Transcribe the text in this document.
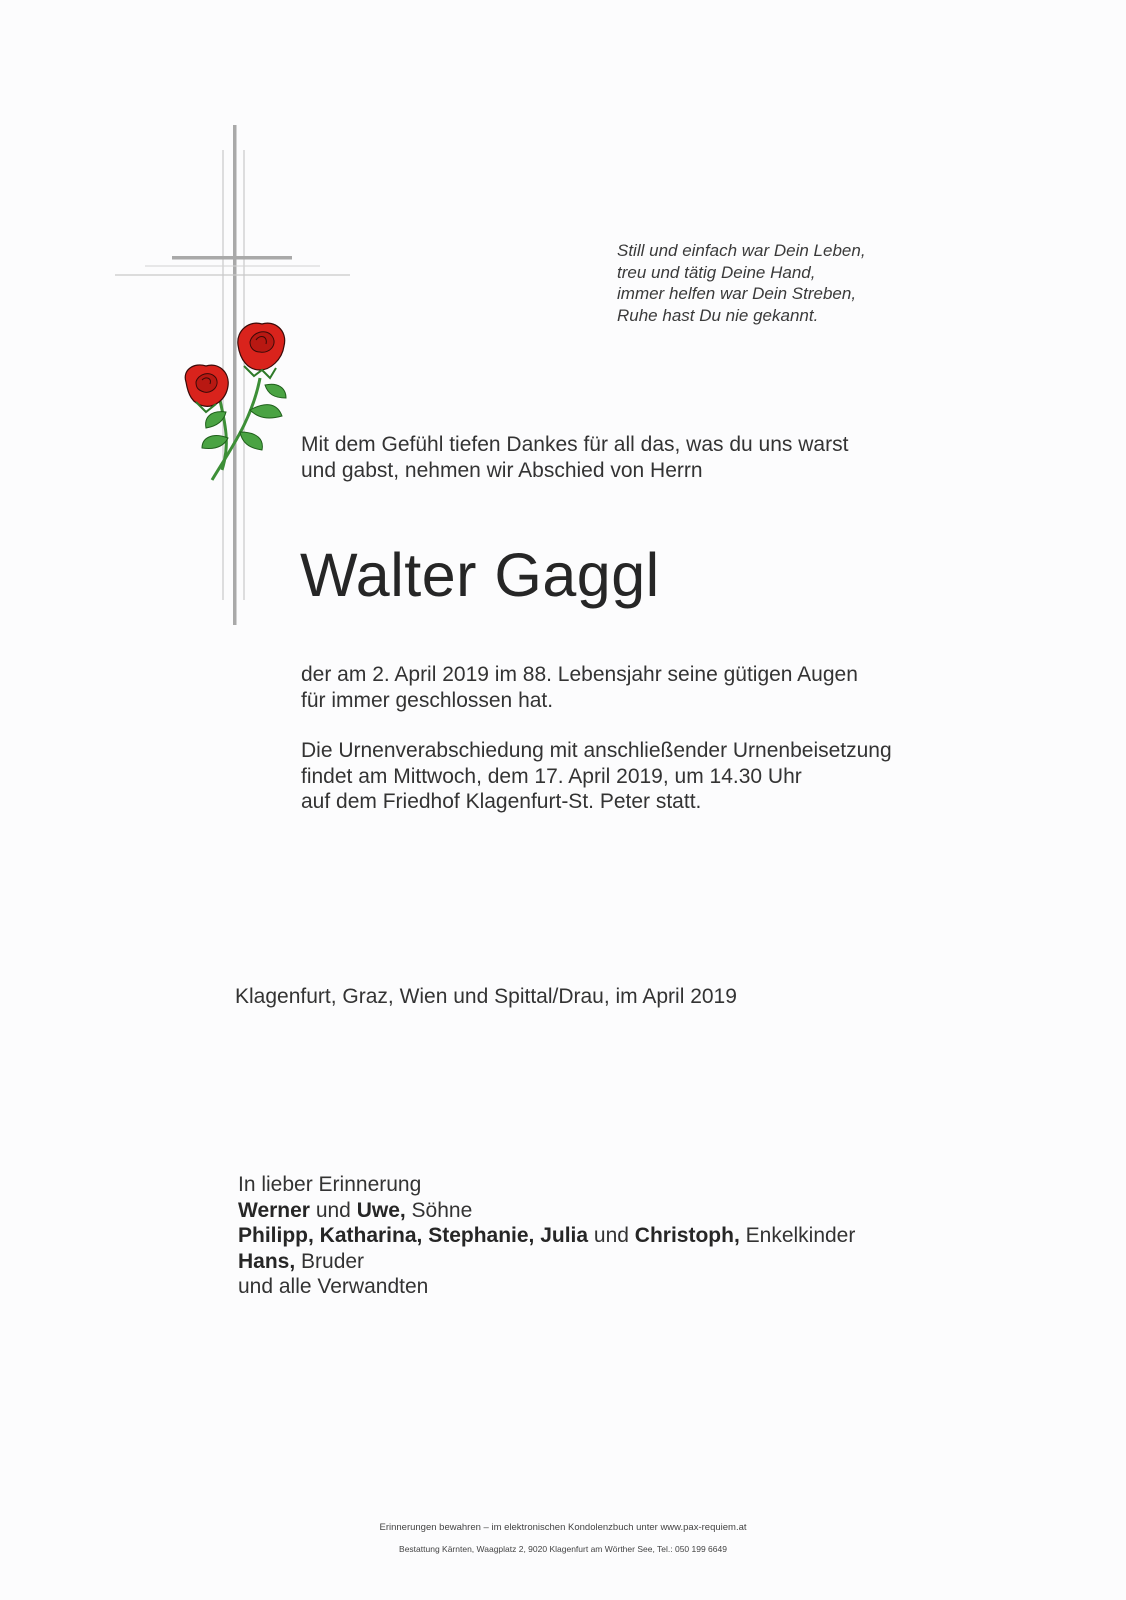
Still und einfach war Dein Leben,
treu und tätig Deine Hand,
immer helfen war Dein Streben,
Ruhe hast Du nie gekannt.
Mit dem Gefühl tiefen Dankes für all das, was du uns warst
und gabst, nehmen wir Abschied von Herrn
Walter Gaggl
der am 2. April 2019 im 88. Lebensjahr seine gütigen Augen
für immer geschlossen hat.
Die Urnenverabschiedung mit anschließender Urnenbeisetzung
findet am Mittwoch, dem 17. April 2019, um 14.30 Uhr
auf dem Friedhof Klagenfurt-St. Peter statt.
Klagenfurt, Graz, Wien und Spittal/Drau, im April 2019
In lieber Erinnerung
Werner und Uwe, Söhne
Philipp, Katharina, Stephanie, Julia und Christoph, Enkelkinder
Hans, Bruder
und alle Verwandten
Erinnerungen bewahren – im elektronischen Kondolenzbuch unter www.pax-requiem.at
Bestattung Kärnten, Waagplatz 2, 9020 Klagenfurt am Wörther See, Tel.: 050 199 6649
